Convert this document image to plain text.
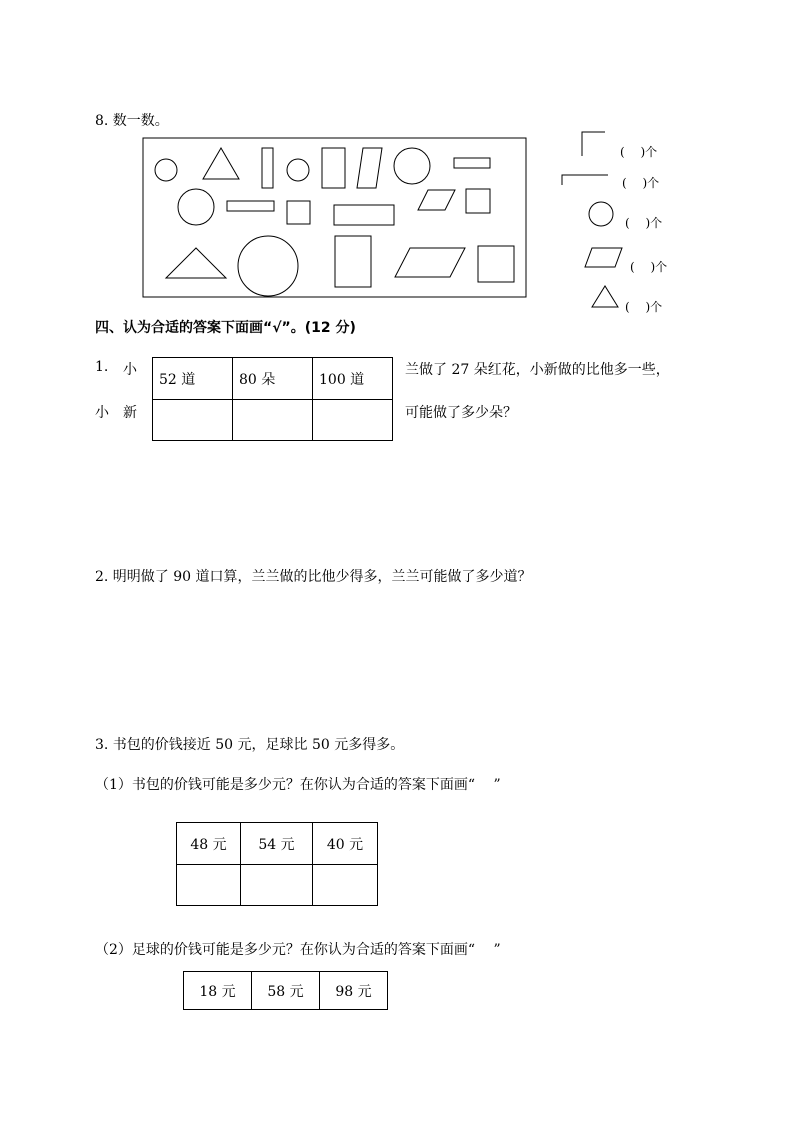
8. 数一数。
(　 )个
(　 )个
(　 )个
(　 )个
(　 )个
四、认为合适的答案下面画“√”。(12 分)
1. 小
小　新
52 道	80 朵	100 道

兰做了 27 朵红花，小新做的比他多一些，
可能做了多少朵？
2. 明明做了 90 道口算，兰兰做的比他少得多，兰兰可能做了多少道？
3. 书包的价钱接近 50 元，足球比 50 元多得多。
（1）书包的价钱可能是多少元？在你认为合适的答案下面画“　 ”
48 元	54 元	40 元

（2）足球的价钱可能是多少元？在你认为合适的答案下面画“　 ”
18 元	58 元	98 元
